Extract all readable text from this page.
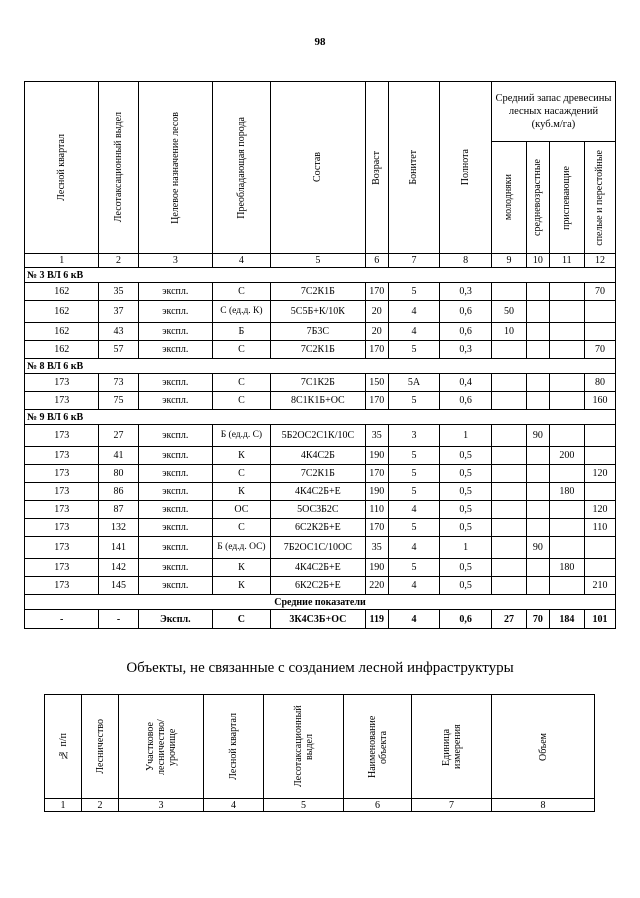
98
Лесной квартал	Лесотаксационный выдел	Целевое назначение лесов	Преобладающая порода	Состав	Возраст	Бонитет	Полнота	Средний запас древесины лесных насаждений (куб.м/га)			

								молодняки	средневозрастные	приспевающие	спелые и перестойные

1	2	3	4	5	6	7	8	9	10	11	12
№ 3 ВЛ 6 кВ											
162	35	экспл.	С	7С2К1Б	170	5	0,3				70
162	37	экспл.	С (ед.д. К)	5С5Б+К/10К	20	4	0,6	50			
162	43	экспл.	Б	7Б3С	20	4	0,6	10			
162	57	экспл.	С	7С2К1Б	170	5	0,3				70
№ 8 ВЛ 6 кВ											
173	73	экспл.	С	7С1К2Б	150	5А	0,4				80
173	75	экспл.	С	8С1К1Б+ОС	170	5	0,6				160
№ 9 ВЛ 6 кВ											
173	27	экспл.	Б (ед.д. С)	5Б2ОС2С1К/10С	35	3	1		90		
173	41	экспл.	К	4К4С2Б	190	5	0,5			200	
173	80	экспл.	С	7С2К1Б	170	5	0,5				120
173	86	экспл.	К	4К4С2Б+Е	190	5	0,5			180	
173	87	экспл.	ОС	5ОС3Б2С	110	4	0,5				120
173	132	экспл.	С	6С2К2Б+Е	170	5	0,5				110
173	141	экспл.	Б (ед.д. ОС)	7Б2ОС1С/10ОС	35	4	1		90		
173	142	экспл.	К	4К4С2Б+Е	190	5	0,5			180	
173	145	экспл.	К	6К2С2Б+Е	220	4	0,5				210
Средние показатели											
-	-	Экспл.	С	3К4С3Б+ОС	119	4	0,6	27	70	184	101
Объекты, не связанные с созданием лесной инфраструктуры
№ п/п	Лесничество	Участковое лесничество/урочище	Лесной квартал	Лесотаксационный выдел	Наименование объекта	Единица измерения	Объем

1	2	3	4	5	6	7	8
